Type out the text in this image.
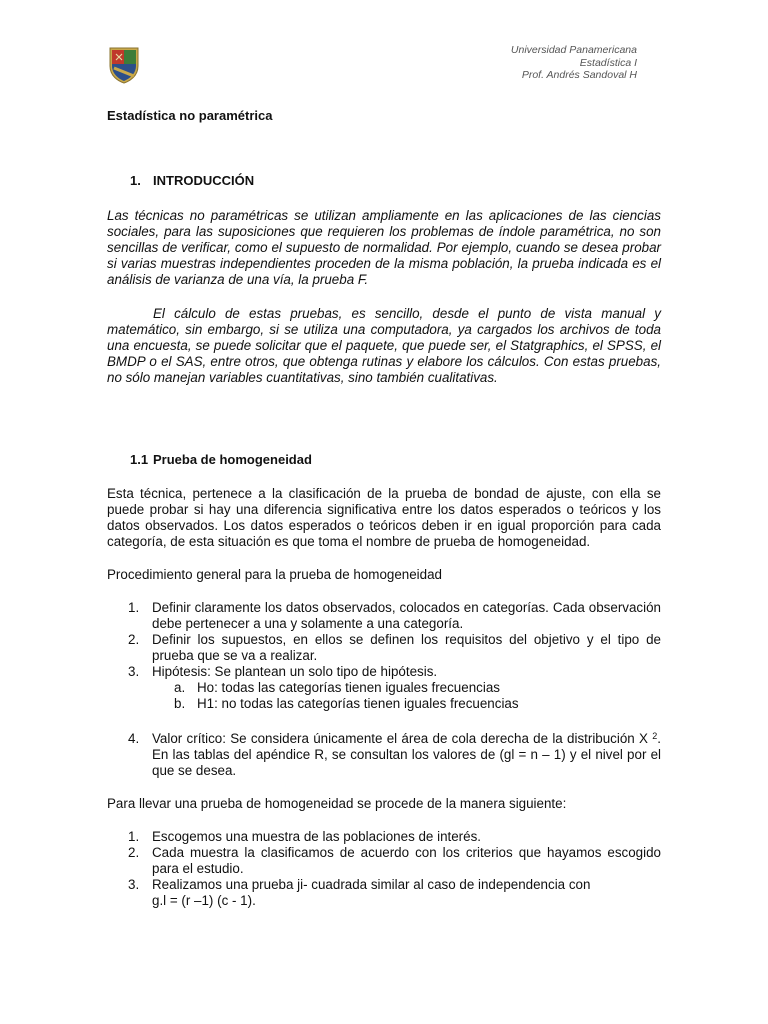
Universidad Panamericana
Estadística I
Prof. Andrés Sandoval H
Estadística no paramétrica
1. INTRODUCCIÓN

Las técnicas no paramétricas se utilizan ampliamente en las aplicaciones de las ciencias sociales, para las suposiciones que requieren los problemas de índole paramétrica, no son sencillas de verificar, como el supuesto de normalidad. Por ejemplo, cuando se desea probar si varias muestras independientes proceden de la misma población, la prueba indicada es el análisis de varianza de una vía, la prueba F.

El cálculo de estas pruebas, es sencillo, desde el punto de vista manual y matemático, sin embargo, si se utiliza una computadora, ya cargados los archivos de toda una encuesta, se puede solicitar que el paquete, que puede ser, el Statgraphics, el SPSS, el BMDP o el SAS, entre otros, que obtenga rutinas y elabore los cálculos. Con estas pruebas, no sólo manejan variables cuantitativas, sino también cualitativas.

1.1 Prueba de homogeneidad

Esta técnica, pertenece a la clasificación de la prueba de bondad de ajuste, con ella se puede probar si hay una diferencia significativa entre los datos esperados o teóricos y los datos observados. Los datos esperados o teóricos deben ir en igual proporción para cada categoría, de esta situación es que toma el nombre de prueba de homogeneidad.

Procedimiento general para la prueba de homogeneidad

1. Definir claramente los datos observados, colocados en categorías. Cada observación debe pertenecer a una y solamente a una categoría.
2. Definir los supuestos, en ellos se definen los requisitos del objetivo y el tipo de prueba que se va a realizar.
3. Hipótesis: Se plantean un solo tipo de hipótesis.
a. Ho: todas las categorías tienen iguales frecuencias
b. H1: no todas las categorías tienen iguales frecuencias
4. Valor crítico: Se considera únicamente el área de cola derecha de la distribución X $^2$. En las tablas del apéndice R, se consultan los valores de (gl = n – 1) y el nivel por el que se desea.

Para llevar una prueba de homogeneidad se procede de la manera siguiente:

1. Escogemos una muestra de las poblaciones de interés.
2. Cada muestra la clasificamos de acuerdo con los criterios que hayamos escogido para el estudio.
3. Realizamos una prueba ji- cuadrada similar al caso de independencia con
g.l = (r –1) (c - 1).
